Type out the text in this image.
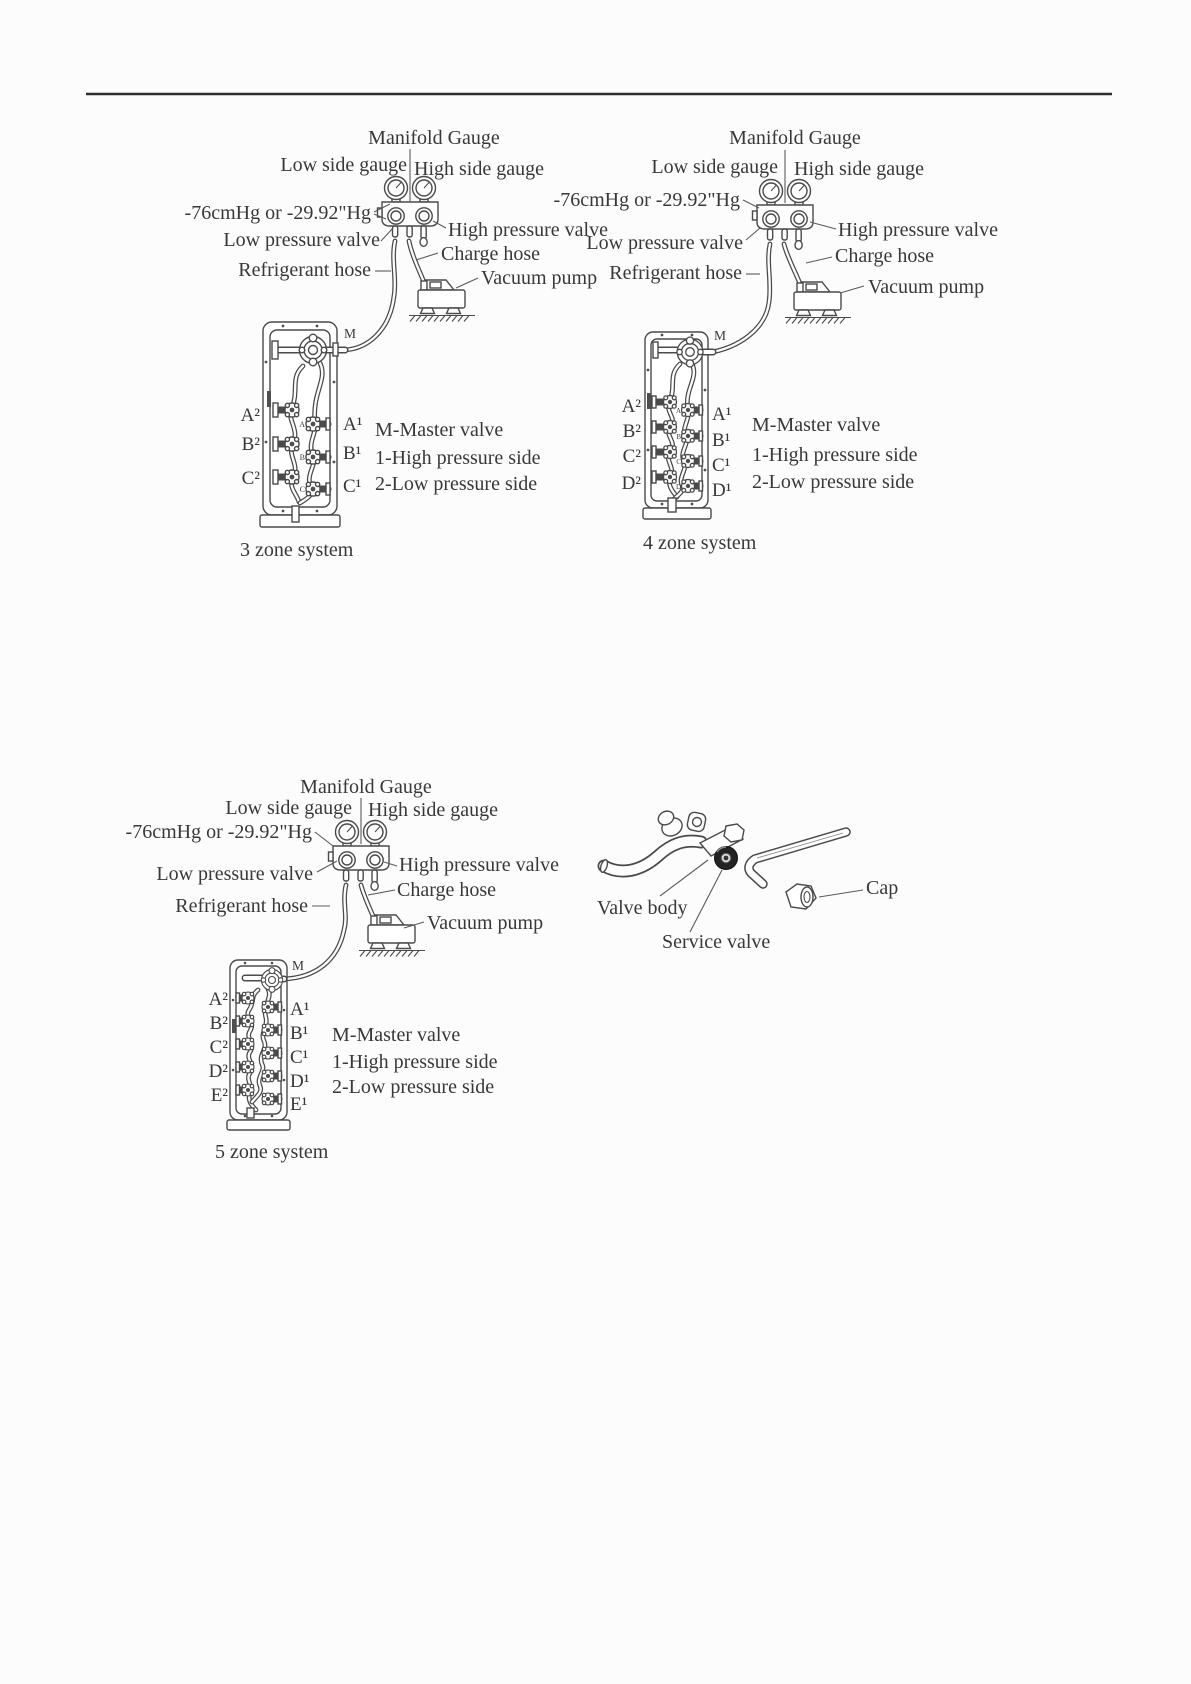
A
B
C
Manifold Gauge
Low side gauge High side gauge
-76cmHg or -29.92"Hg
Low pressure valve	High pressure valve
Charge hose
Refrigerant hose	Vacuum pump
M
A²
B²
C²
A¹
B¹
C¹
M-Master valve
1-High pressure side
2-Low pressure side
3 zone system
A
B
C
D
Manifold Gauge
Low side gauge High side gauge
-76cmHg or -29.92"Hg
Low pressure valve
High pressure valve
Charge hose
Refrigerant hose
Vacuum pump
M
A²
B²
C²
D²
A¹
B¹
C¹
D¹
M-Master valve
1-High pressure side
2-Low pressure side
4 zone system
Manifold Gauge
Low side gauge High side gauge
-76cmHg or -29.92"Hg
Low pressure valve	High pressure valve
Charge hose
Refrigerant hose
Vacuum pump
M
A²
B²
C²
D²
E²
A¹
B¹
C¹
D¹
E¹
M-Master valve
1-High pressure side
2-Low pressure side
5 zone system
Valve body
Service valve
Cap
